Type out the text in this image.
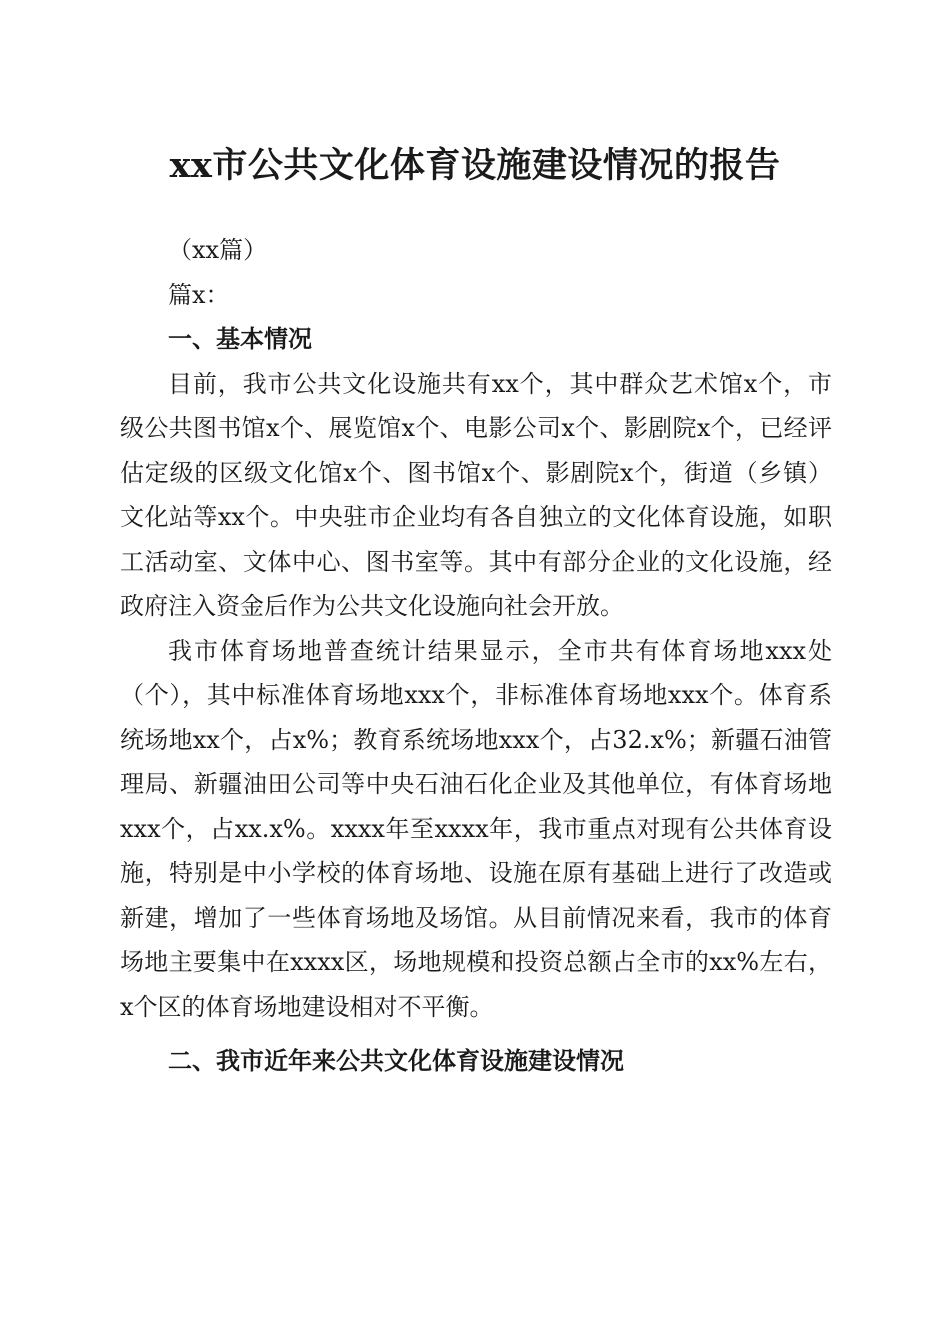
xx市公共文化体育设施建设情况的报告

（xx篇）

篇x：

一、基本情况

目前，我市公共文化设施共有xx个，其中群众艺术馆x个，市级公共图书馆x个、展览馆x个、电影公司x个、影剧院x个，已经评估定级的区级文化馆x个、图书馆x个、影剧院x个，街道（乡镇）文化站等xx个。中央驻市企业均有各自独立的文化体育设施，如职工活动室、文体中心、图书室等。其中有部分企业的文化设施，经政府注入资金后作为公共文化设施向社会开放。

我市体育场地普查统计结果显示，全市共有体育场地xxx处（个），其中标准体育场地xxx个，非标准体育场地xxx个。体育系统场地xx个，占x%；教育系统场地xxx个，占32.x%；新疆石油管理局、新疆油田公司等中央石油石化企业及其他单位，有体育场地xxx个，占xx.x%。xxxx年至xxxx年，我市重点对现有公共体育设施，特别是中小学校的体育场地、设施在原有基础上进行了改造或新建，增加了一些体育场地及场馆。从目前情况来看，我市的体育场地主要集中在xxxx区，场地规模和投资总额占全市的xx%左右，x个区的体育场地建设相对不平衡。

二、我市近年来公共文化体育设施建设情况
